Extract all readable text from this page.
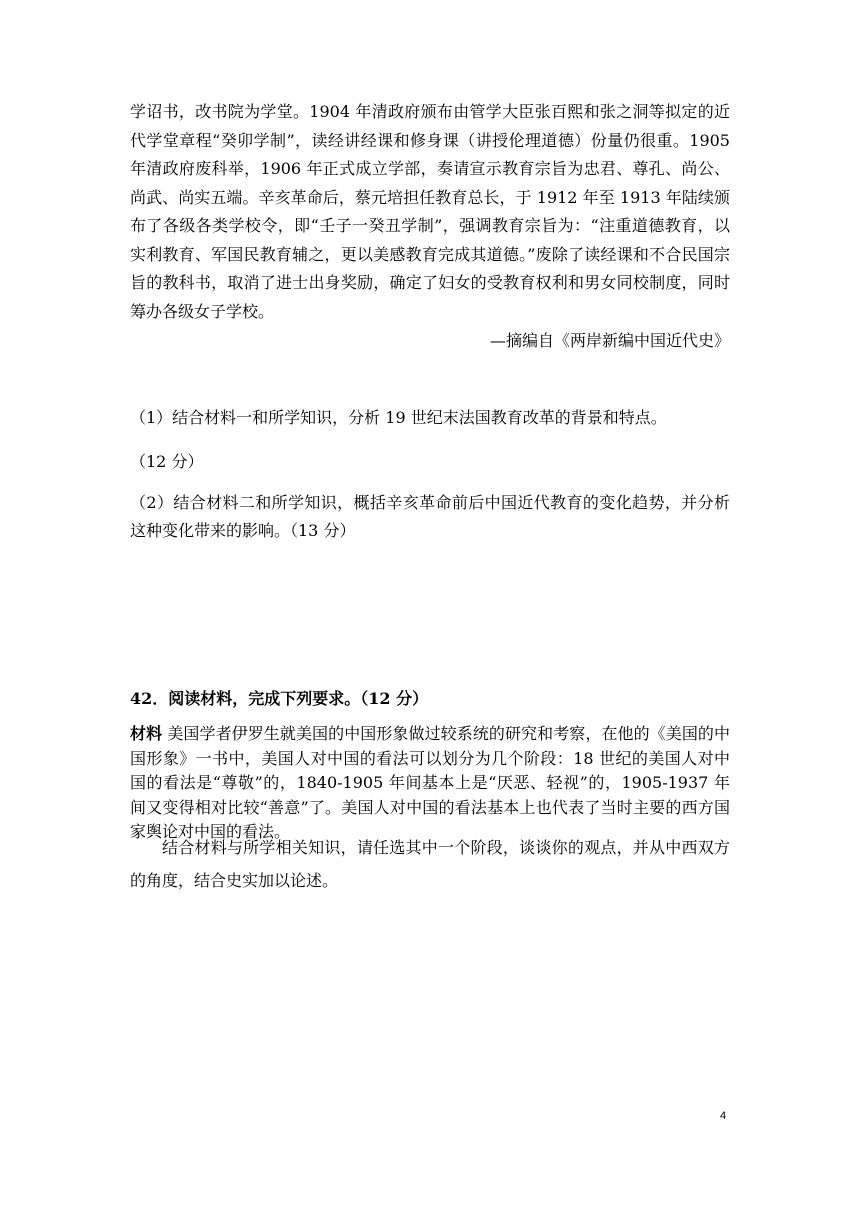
学诏书，改书院为学堂。1904 年清政府颁布由管学大臣张百熙和张之洞等拟定的近代学堂章程“癸卯学制”，读经讲经课和修身课（讲授伦理道德）份量仍很重。1905 年清政府废科举，1906 年正式成立学部，奏请宣示教育宗旨为忠君、尊孔、尚公、尚武、尚实五端。辛亥革命后，蔡元培担任教育总长，于 1912 年至 1913 年陆续颁布了各级各类学校令，即“壬子一癸丑学制”，强调教育宗旨为：“注重道德教育，以实利教育、军国民教育辅之，更以美感教育完成其道德。”废除了读经课和不合民国宗旨的教科书，取消了进士出身奖励，确定了妇女的受教育权利和男女同校制度，同时筹办各级女子学校。

—摘编自《两岸新编中国近代史》

（1）结合材料一和所学知识，分析 19 世纪末法国教育改革的背景和特点。

（12 分）

（2）结合材料二和所学知识，概括辛亥革命前后中国近代教育的变化趋势，并分析这种变化带来的影响。（13 分）

42．阅读材料，完成下列要求。（12 分）

材料 美国学者伊罗生就美国的中国形象做过较系统的研究和考察，在他的《美国的中国形象》一书中，美国人对中国的看法可以划分为几个阶段：18 世纪的美国人对中国的看法是“尊敬”的，1840-1905 年间基本上是“厌恶、轻视”的，1905-1937 年间又变得相对比较“善意”了。美国人对中国的看法基本上也代表了当时主要的西方国家舆论对中国的看法。

结合材料与所学相关知识，请任选其中一个阶段，谈谈你的观点，并从中西双方的角度，结合史实加以论述。

4
